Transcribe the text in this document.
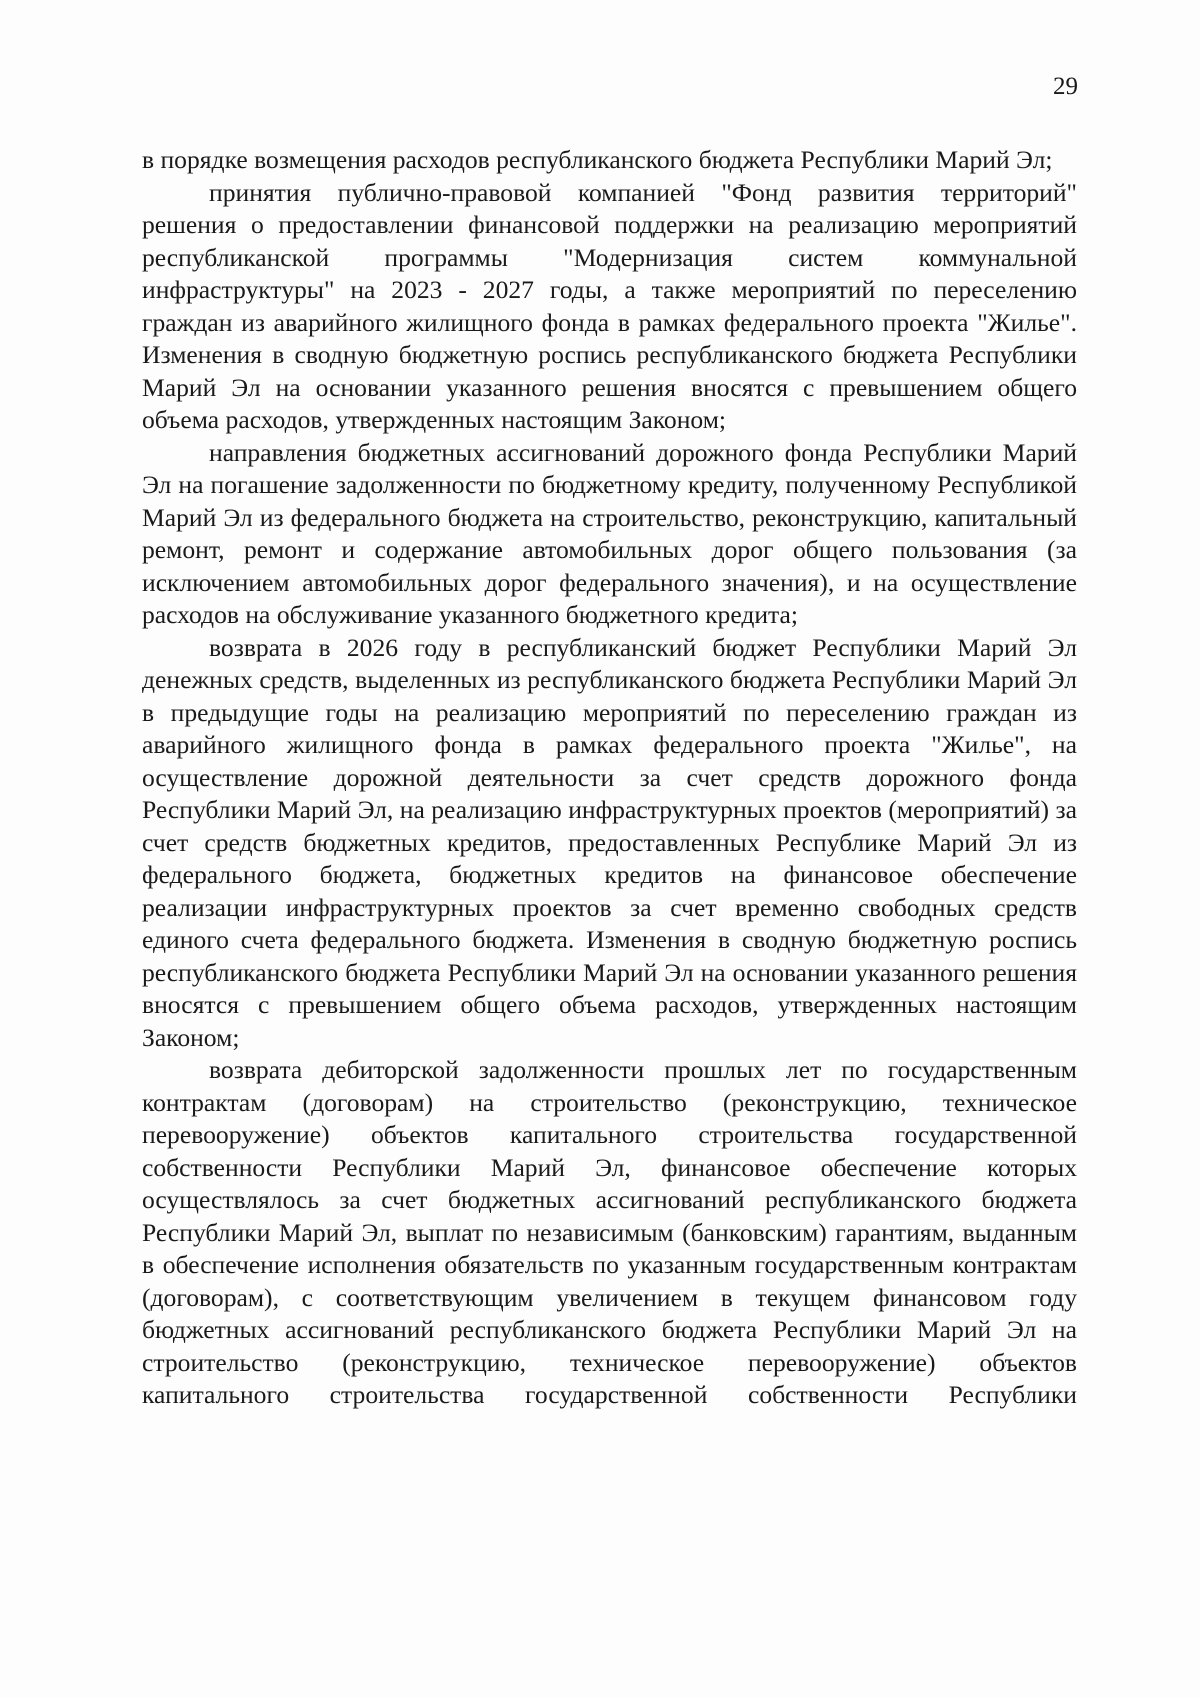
29

в порядке возмещения расходов республиканского бюджета Республики Марий Эл;

принятия публично-правовой компанией "Фонд развития территорий" решения о предоставлении финансовой поддержки на реализацию мероприятий республиканской программы "Модернизация систем коммунальной инфраструктуры" на 2023 - 2027 годы, а также мероприятий по переселению граждан из аварийного жилищного фонда в рамках федерального проекта "Жилье". Изменения в сводную бюджетную роспись республиканского бюджета Республики Марий Эл на основании указанного решения вносятся с превышением общего объема расходов, утвержденных настоящим Законом;

направления бюджетных ассигнований дорожного фонда Республики Марий Эл на погашение задолженности по бюджетному кредиту, полученному Республикой Марий Эл из федерального бюджета на строительство, реконструкцию, капитальный ремонт, ремонт и содержание автомобильных дорог общего пользования (за исключением автомобильных дорог федерального значения), и на осуществление расходов на обслуживание указанного бюджетного кредита;

возврата в 2026 году в республиканский бюджет Республики Марий Эл денежных средств, выделенных из республиканского бюджета Республики Марий Эл в предыдущие годы на реализацию мероприятий по переселению граждан из аварийного жилищного фонда в рамках федерального проекта "Жилье", на осуществление дорожной деятельности за счет средств дорожного фонда Республики Марий Эл, на реализацию инфраструктурных проектов (мероприятий) за счет средств бюджетных кредитов, предоставленных Республике Марий Эл из федерального бюджета, бюджетных кредитов на финансовое обеспечение реализации инфраструктурных проектов за счет временно свободных средств единого счета федерального бюджета. Изменения в сводную бюджетную роспись республиканского бюджета Республики Марий Эл на основании указанного решения вносятся с превышением общего объема расходов, утвержденных настоящим Законом;

возврата дебиторской задолженности прошлых лет по государственным контрактам (договорам) на строительство (реконструкцию, техническое перевооружение) объектов капитального строительства государственной собственности Республики Марий Эл, финансовое обеспечение которых осуществлялось за счет бюджетных ассигнований республиканского бюджета Республики Марий Эл, выплат по независимым (банковским) гарантиям, выданным в обеспечение исполнения обязательств по указанным государственным контрактам (договорам), с соответствующим увеличением в текущем финансовом году бюджетных ассигнований республиканского бюджета Республики Марий Эл на строительство (реконструкцию, техническое перевооружение) объектов капитального строительства государственной собственности Республики
